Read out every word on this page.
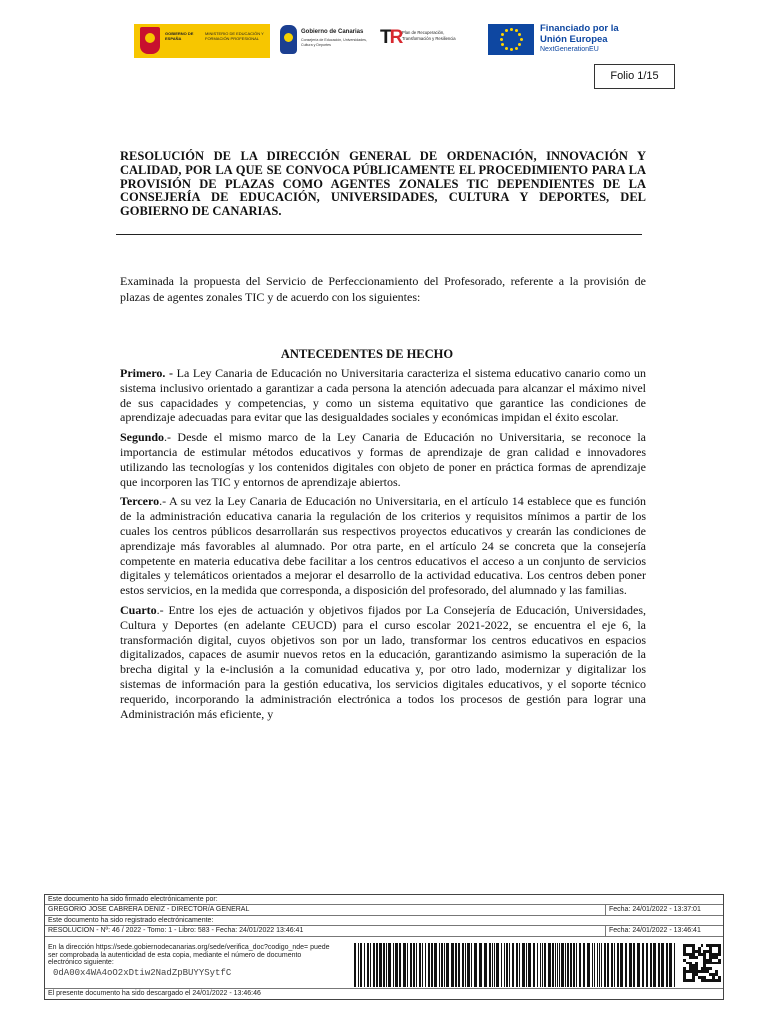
GOBIERNO DE ESPAÑA
MINISTERIO DE EDUCACIÓN Y FORMACIÓN PROFESIONAL
Gobierno de Canarias
Consejería de Educación, Universidades, Cultura y Deportes	TR Plan de Recuperación, Transformación y Resiliencia
Financiado por la Unión Europea
NextGenerationEU
Folio 1/15
RESOLUCIÓN DE LA DIRECCIÓN GENERAL DE ORDENACIÓN, INNOVACIÓN Y CALIDAD, POR LA QUE SE CONVOCA PÚBLICAMENTE EL PROCEDIMIENTO PARA LA PROVISIÓN DE PLAZAS COMO AGENTES ZONALES TIC DEPENDIENTES DE LA CONSEJERÍA DE EDUCACIÓN, UNIVERSIDADES, CULTURA Y DEPORTES, DEL GOBIERNO DE CANARIAS.
Examinada la propuesta del Servicio de Perfeccionamiento del Profesorado, referente a la provisión de plazas de agentes zonales TIC y de acuerdo con los siguientes:
ANTECEDENTES DE HECHO

Primero. - La Ley Canaria de Educación no Universitaria caracteriza el sistema educativo canario como un sistema inclusivo orientado a garantizar a cada persona la atención adecuada para alcanzar el máximo nivel de sus capacidades y competencias, y como un sistema equitativo que garantice las condiciones de aprendizaje adecuadas para evitar que las desigualdades sociales y económicas impidan el éxito escolar.

Segundo.- Desde el mismo marco de la Ley Canaria de Educación no Universitaria, se reconoce la importancia de estimular métodos educativos y formas de aprendizaje de gran calidad e innovadores utilizando las tecnologías y los contenidos digitales con objeto de poner en práctica formas de aprendizaje que incorporen las TIC y entornos de aprendizaje abiertos.

Tercero.- A su vez la Ley Canaria de Educación no Universitaria, en el artículo 14 establece que es función de la administración educativa canaria la regulación de los criterios y requisitos mínimos a partir de los cuales los centros públicos desarrollarán sus respectivos proyectos educativos y crearán las condiciones de aprendizaje más favorables al alumnado. Por otra parte, en el artículo 24 se concreta que la consejería competente en materia educativa debe facilitar a los centros educativos el acceso a un conjunto de servicios digitales y telemáticos orientados a mejorar el desarrollo de la actividad educativa. Los centros deben poner estos servicios, en la medida que corresponda, a disposición del profesorado, del alumnado y las familias.

Cuarto.- Entre los ejes de actuación y objetivos fijados por La Consejería de Educación, Universidades, Cultura y Deportes (en adelante CEUCD) para el curso escolar 2021-2022, se encuentra el eje 6, la transformación digital, cuyos objetivos son por un lado, transformar los centros educativos en espacios digitalizados, capaces de asumir nuevos retos en la educación, garantizando asimismo la superación de la brecha digital y la e-inclusión a la comunidad educativa y, por otro lado, modernizar y digitalizar los sistemas de información para la gestión educativa, los servicios digitales educativos, y el soporte técnico requerido, incorporando la administración electrónica a todos los procesos de gestión para lograr una Administración más eficiente, y

Este documento ha sido firmado electrónicamente por:
GREGORIO JOSE CABRERA DENIZ - DIRECTOR/A GENERAL	Fecha: 24/01/2022 - 13:37:01
Este documento ha sido registrado electrónicamente:
RESOLUCION - Nº: 46 / 2022 - Tomo: 1 - Libro: 583 - Fecha: 24/01/2022 13:46:41	Fecha: 24/01/2022 - 13:46:41
En la dirección https://sede.gobiernodecanarias.org/sede/verifica_doc?codigo_nde= puede ser comprobada la autenticidad de esta copia, mediante el número de documento electrónico siguiente:
0dA00x4WA4oO2xDtiw2NadZpBUYYSytfC
El presente documento ha sido descargado el 24/01/2022 - 13:46:46
